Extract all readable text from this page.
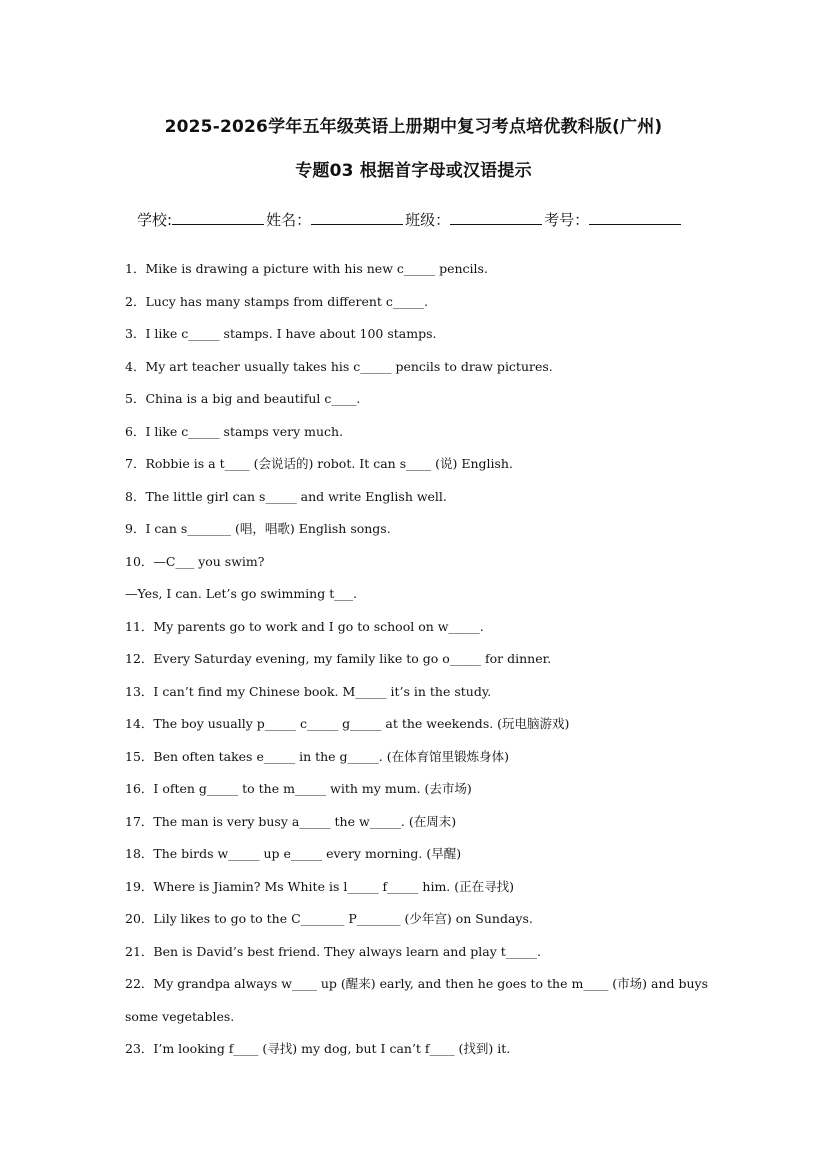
2025-2026学年五年级英语上册期中复习考点培优教科版(广州)
专题03 根据首字母或汉语提示
学校:	姓名：	班级：	考号：
1．Mike is drawing a picture with his new c_____ pencils.
2．Lucy has many stamps from different c_____.
3．I like c_____ stamps. I have about 100 stamps.
4．My art teacher usually takes his c_____ pencils to draw pictures.
5．China is a big and beautiful c____.
6．I like c_____ stamps very much.
7．Robbie is a t____ (会说话的) robot. It can s____ (说) English.
8．The little girl can s_____ and write English well.
9．I can s_______ (唱，唱歌) English songs.
10．—C___ you swim?
—Yes, I can. Let’s go swimming t___.
11．My parents go to work and I go to school on w_____.
12．Every Saturday evening, my family like to go o_____ for dinner.
13．I can’t find my Chinese book. M_____ it’s in the study.
14．The boy usually p_____ c_____ g_____ at the weekends. (玩电脑游戏)
15．Ben often takes e_____ in the g_____. (在体育馆里锻炼身体)
16．I often g_____ to the m_____ with my mum. (去市场)
17．The man is very busy a_____ the w_____. (在周末)
18．The birds w_____ up e_____ every morning. (早醒)
19．Where is Jiamin? Ms White is l_____ f_____ him. (正在寻找)
20．Lily likes to go to the C_______ P_______ (少年宫) on Sundays.
21．Ben is David’s best friend. They always learn and play t_____.
22．My grandpa always w____ up (醒来) early, and then he goes to the m____ (市场) and buys
some vegetables.
23．I’m looking f____ (寻找) my dog, but I can’t f____ (找到) it.
